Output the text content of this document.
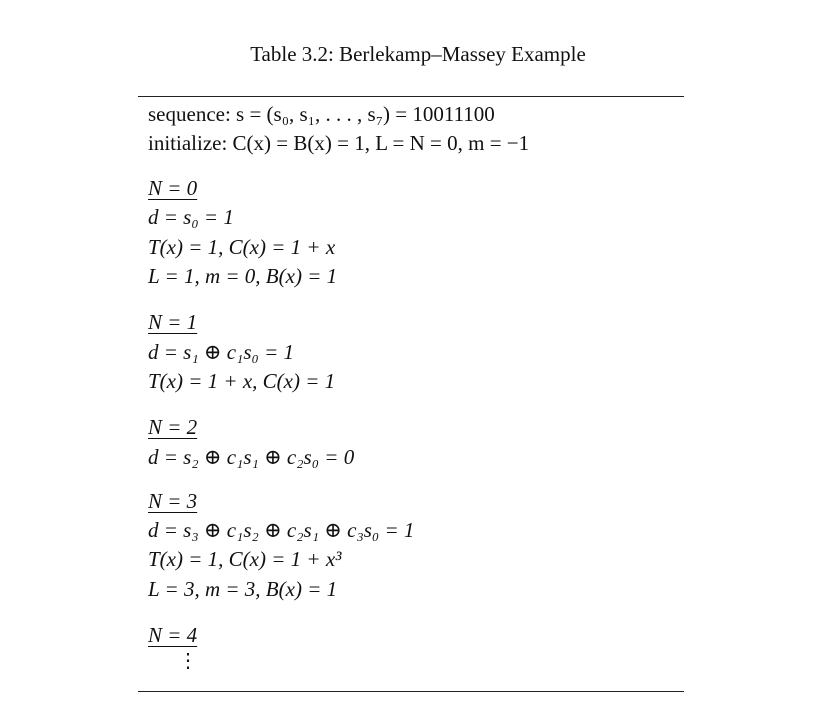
Table 3.2: Berlekamp–Massey Example
sequence: s = (s₀, s₁, . . . , s₇) = 10011100
initialize: C(x) = B(x) = 1, L = N = 0, m = −1
N = 0
d = s₀ = 1
T(x) = 1, C(x) = 1 + x
L = 1, m = 0, B(x) = 1
N = 1
d = s₁ ⊕ c₁s₀ = 1
T(x) = 1 + x, C(x) = 1
N = 2
d = s₂ ⊕ c₁s₁ ⊕ c₂s₀ = 0
N = 3
d = s₃ ⊕ c₁s₂ ⊕ c₂s₁ ⊕ c₃s₀ = 1
T(x) = 1, C(x) = 1 + x³
L = 3, m = 3, B(x) = 1
N = 4
⋮
